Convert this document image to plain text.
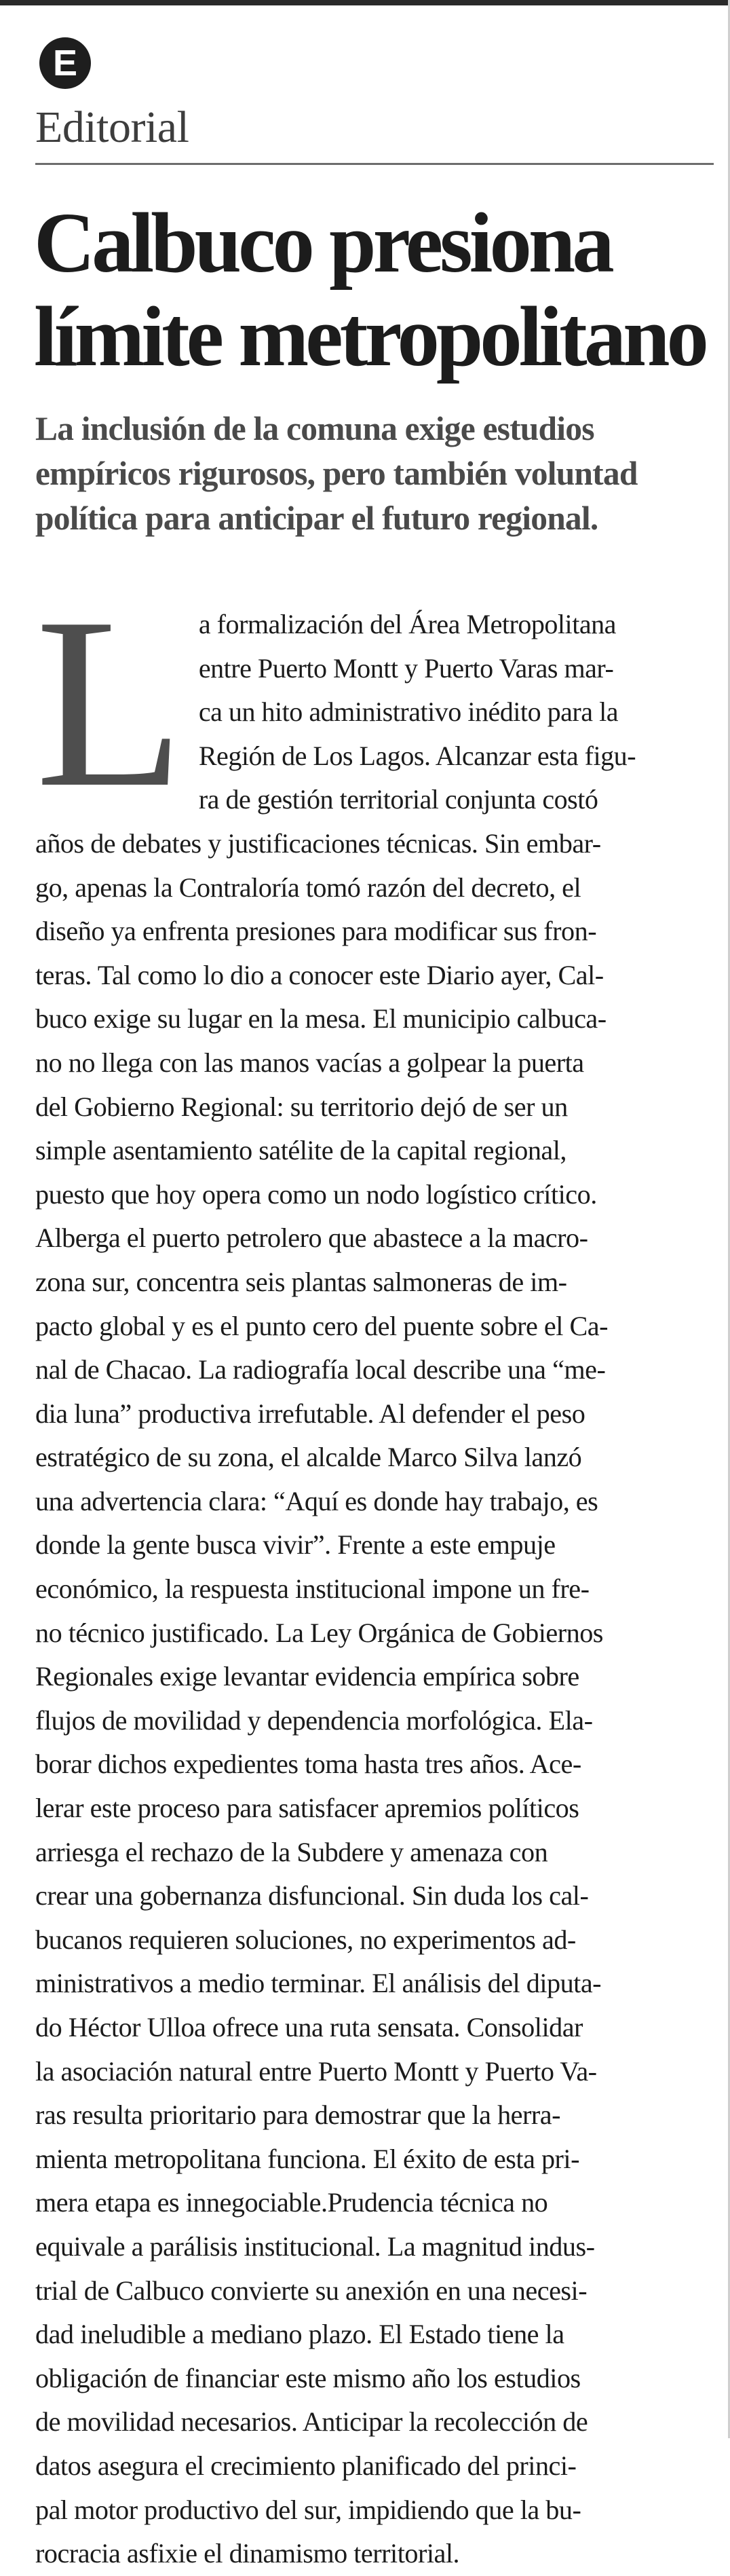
E
Editorial
Calbuco presiona
límite metropolitano
La inclusión de la comuna exige estudios
empíricos rigurosos, pero también voluntad
política para anticipar el futuro regional.
L a formalización del Área Metropolitana
entre Puerto Montt y Puerto Varas mar-
ca un hito administrativo inédito para la
Región de Los Lagos. Alcanzar esta figu-
ra de gestión territorial conjunta costó
años de debates y justificaciones técnicas. Sin embar-
go, apenas la Contraloría tomó razón del decreto, el
diseño ya enfrenta presiones para modificar sus fron-
teras. Tal como lo dio a conocer este Diario ayer, Cal-
buco exige su lugar en la mesa. El municipio calbuca-
no no llega con las manos vacías a golpear la puerta
del Gobierno Regional: su territorio dejó de ser un
simple asentamiento satélite de la capital regional,
puesto que hoy opera como un nodo logístico crítico.
Alberga el puerto petrolero que abastece a la macro-
zona sur, concentra seis plantas salmoneras de im-
pacto global y es el punto cero del puente sobre el Ca-
nal de Chacao. La radiografía local describe una “me-
dia luna” productiva irrefutable. Al defender el peso
estratégico de su zona, el alcalde Marco Silva lanzó
una advertencia clara: “Aquí es donde hay trabajo, es
donde la gente busca vivir”. Frente a este empuje
económico, la respuesta institucional impone un fre-
no técnico justificado. La Ley Orgánica de Gobiernos
Regionales exige levantar evidencia empírica sobre
flujos de movilidad y dependencia morfológica. Ela-
borar dichos expedientes toma hasta tres años. Ace-
lerar este proceso para satisfacer apremios políticos
arriesga el rechazo de la Subdere y amenaza con
crear una gobernanza disfuncional. Sin duda los cal-
bucanos requieren soluciones, no experimentos ad-
ministrativos a medio terminar. El análisis del diputa-
do Héctor Ulloa ofrece una ruta sensata. Consolidar
la asociación natural entre Puerto Montt y Puerto Va-
ras resulta prioritario para demostrar que la herra-
mienta metropolitana funciona. El éxito de esta pri-
mera etapa es innegociable.Prudencia técnica no
equivale a parálisis institucional. La magnitud indus-
trial de Calbuco convierte su anexión en una necesi-
dad ineludible a mediano plazo. El Estado tiene la
obligación de financiar este mismo año los estudios
de movilidad necesarios. Anticipar la recolección de
datos asegura el crecimiento planificado del princi-
pal motor productivo del sur, impidiendo que la bu-
rocracia asfixie el dinamismo territorial.
